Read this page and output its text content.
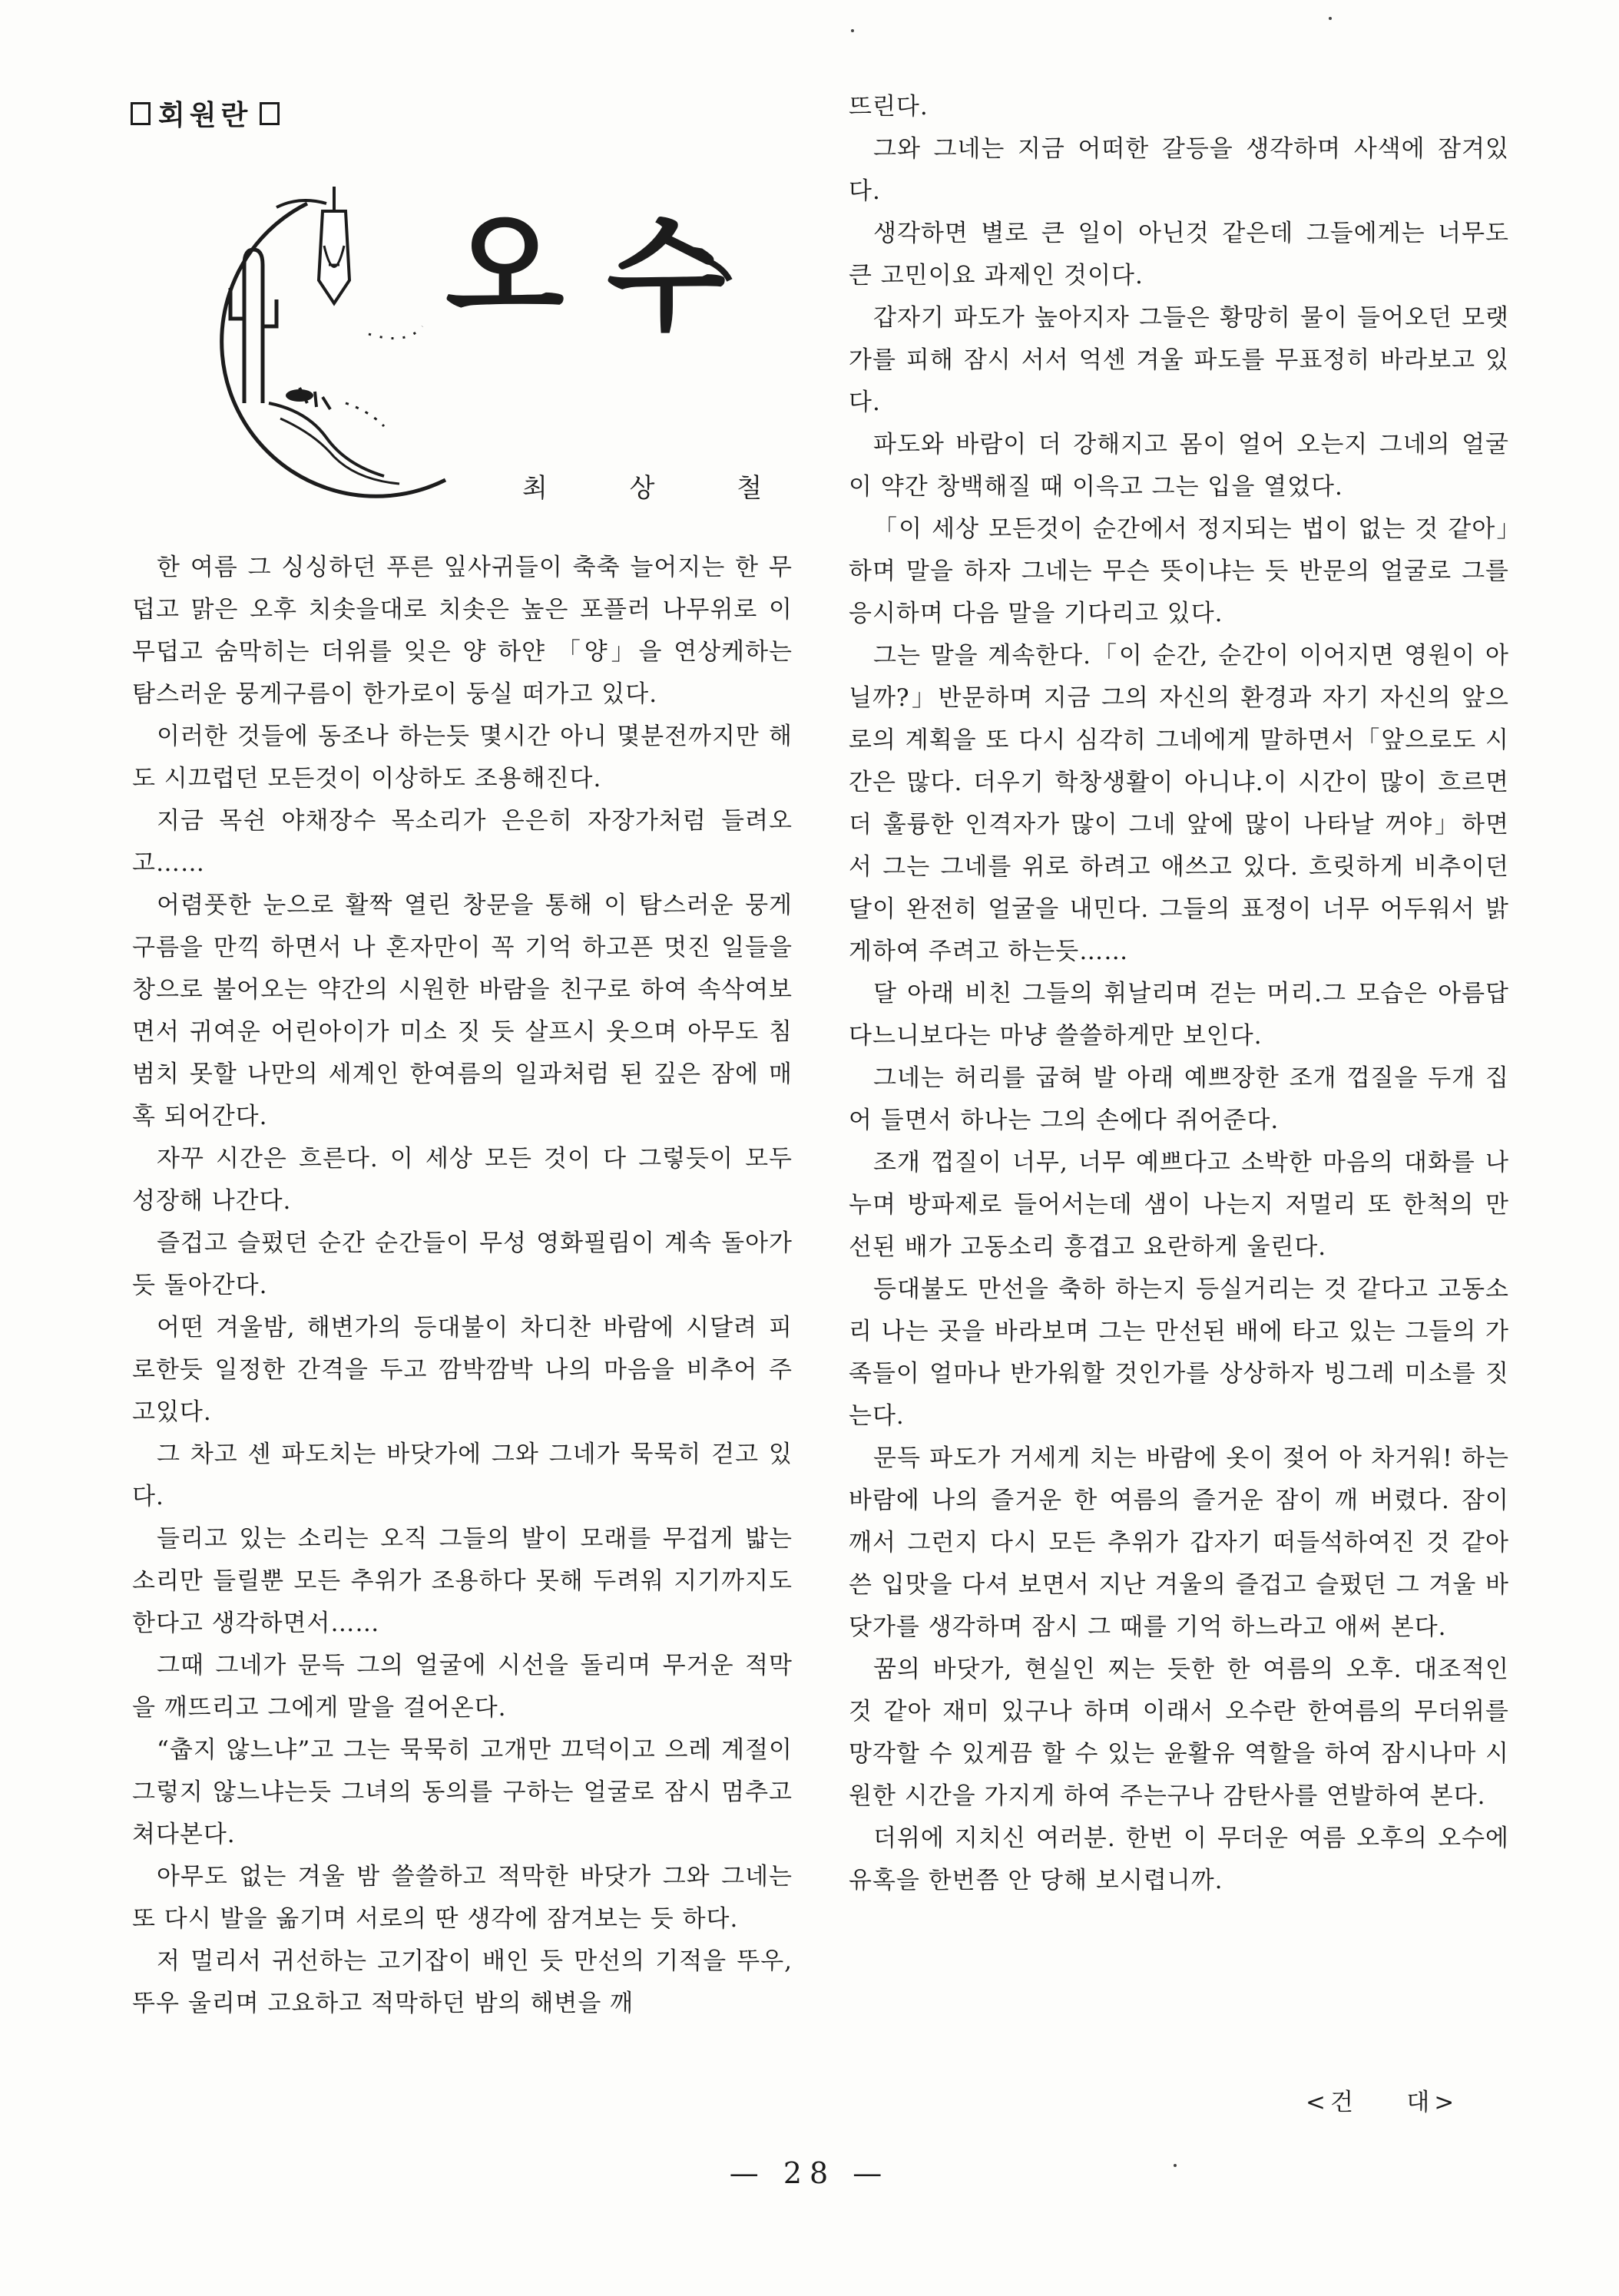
회원란
오 수
최 상 철

한 여름 그 싱싱하던 푸른 잎사귀들이 축축 늘어지는 한 무덥고 맑은 오후 치솟을대로 치솟은 높은 포플러 나무위로 이 무덥고 숨막히는 더위를 잊은 양 하얀 「양」을 연상케하는 탐스러운 뭉게구름이 한가로이 둥실 떠가고 있다.

이러한 것들에 동조나 하는듯 몇시간 아니 몇분전까지만 해도 시끄럽던 모든것이 이상하도 조용해진다.

지금 목쉰 야채장수 목소리가 은은히 자장가처럼 들려오고……

어렴풋한 눈으로 활짝 열린 창문을 통해 이 탐스러운 뭉게구름을 만끽 하면서 나 혼자만이 꼭 기억 하고픈 멋진 일들을 창으로 불어오는 약간의 시원한 바람을 친구로 하여 속삭여보면서 귀여운 어린아이가 미소 짓 듯 살프시 웃으며 아무도 침범치 못할 나만의 세계인 한여름의 일과처럼 된 깊은 잠에 매혹 되어간다.

자꾸 시간은 흐른다. 이 세상 모든 것이 다 그렇듯이 모두 성장해 나간다.

즐겁고 슬펐던 순간 순간들이 무성 영화필림이 계속 돌아가듯 돌아간다.

어떤 겨울밤, 해변가의 등대불이 차디찬 바람에 시달려 피로한듯 일정한 간격을 두고 깜박깜박 나의 마음을 비추어 주고있다.

그 차고 센 파도치는 바닷가에 그와 그네가 묵묵히 걷고 있다.

들리고 있는 소리는 오직 그들의 발이 모래를 무겁게 밟는 소리만 들릴뿐 모든 추위가 조용하다 못해 두려워 지기까지도 한다고 생각하면서……

그때 그네가 문득 그의 얼굴에 시선을 돌리며 무거운 적막을 깨뜨리고 그에게 말을 걸어온다.

“춥지 않느냐”고 그는 묵묵히 고개만 끄덕이고 으레 계절이 그렇지 않느냐는듯 그녀의 동의를 구하는 얼굴로 잠시 멈추고 쳐다본다.

아무도 없는 겨울 밤 쓸쓸하고 적막한 바닷가 그와 그네는 또 다시 발을 옮기며 서로의 딴 생각에 잠겨보는 듯 하다.

저 멀리서 귀선하는 고기잡이 배인 듯 만선의 기적을 뚜우, 뚜우 울리며 고요하고 적막하던 밤의 해변을 깨

뜨린다.

그와 그네는 지금 어떠한 갈등을 생각하며 사색에 잠겨있다.

생각하면 별로 큰 일이 아닌것 같은데 그들에게는 너무도 큰 고민이요 과제인 것이다.

갑자기 파도가 높아지자 그들은 황망히 물이 들어오던 모랫가를 피해 잠시 서서 억센 겨울 파도를 무표정히 바라보고 있다.

파도와 바람이 더 강해지고 몸이 얼어 오는지 그네의 얼굴이 약간 창백해질 때 이윽고 그는 입을 열었다.

「이 세상 모든것이 순간에서 정지되는 법이 없는 것 같아」하며 말을 하자 그네는 무슨 뜻이냐는 듯 반문의 얼굴로 그를 응시하며 다음 말을 기다리고 있다.

그는 말을 계속한다.「이 순간, 순간이 이어지면 영원이 아닐까?」반문하며 지금 그의 자신의 환경과 자기 자신의 앞으로의 계획을 또 다시 심각히 그네에게 말하면서「앞으로도 시간은 많다. 더우기 학창생활이 아니냐.이 시간이 많이 흐르면 더 훌륭한 인격자가 많이 그네 앞에 많이 나타날 꺼야」하면서 그는 그네를 위로 하려고 애쓰고 있다. 흐릿하게 비추이던 달이 완전히 얼굴을 내민다. 그들의 표정이 너무 어두워서 밝게하여 주려고 하는듯……

달 아래 비친 그들의 휘날리며 걷는 머리.그 모습은 아름답다느니보다는 마냥 쓸쓸하게만 보인다.

그네는 허리를 굽혀 발 아래 예쁘장한 조개 껍질을 두개 집어 들면서 하나는 그의 손에다 쥐어준다.

조개 껍질이 너무, 너무 예쁘다고 소박한 마음의 대화를 나누며 방파제로 들어서는데 샘이 나는지 저멀리 또 한척의 만선된 배가 고동소리 흥겹고 요란하게 울린다.

등대불도 만선을 축하 하는지 등실거리는 것 같다고 고동소리 나는 곳을 바라보며 그는 만선된 배에 타고 있는 그들의 가족들이 얼마나 반가워할 것인가를 상상하자 빙그레 미소를 짓는다.

문득 파도가 거세게 치는 바람에 옷이 젖어 아 차거워! 하는 바람에 나의 즐거운 한 여름의 즐거운 잠이 깨 버렸다. 잠이 깨서 그런지 다시 모든 추위가 갑자기 떠들석하여진 것 같아 쓴 입맛을 다셔 보면서 지난 겨울의 즐겁고 슬펐던 그 겨울 바닷가를 생각하며 잠시 그 때를 기억 하느라고 애써 본다.

꿈의 바닷가, 현실인 찌는 듯한 한 여름의 오후. 대조적인 것 같아 재미 있구나 하며 이래서 오수란 한여름의 무더위를 망각할 수 있게끔 할 수 있는 윤활유 역할을 하여 잠시나마 시원한 시간을 가지게 하여 주는구나 감탄사를 연발하여 본다.

더위에 지치신 여러분. 한번 이 무더운 여름 오후의 오수에 유혹을 한번쯤 안 당해 보시렵니까.

<건    대>
— 28 —
